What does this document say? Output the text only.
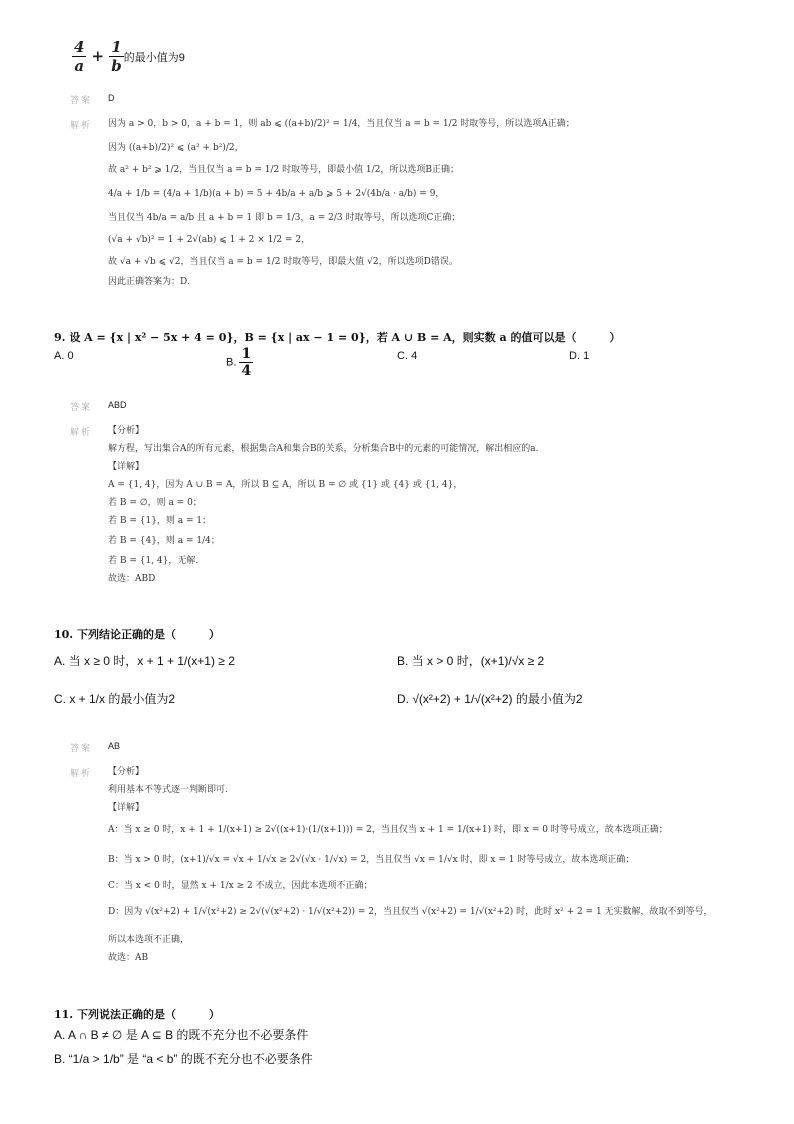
$\frac{4}{a} + \frac{1}{b}$ 的最小值为9
答案 D
解析 因为 a > 0，b > 0，a + b = 1，则 ab ⩽ ((a+b)/2)² = 1/4，当且仅当 a = b = 1/2 时取等号，所以选项A正确；
因为 ((a+b)/2)² ⩽ (a² + b²)/2，
故 a² + b² ⩾ 1/2，当且仅当 a = b = 1/2 时取等号，即最小值 1/2，所以选项B正确；
4/a + 1/b = (4/a + 1/b)(a + b) = 5 + 4b/a + a/b ⩾ 5 + 2√(4b/a · a/b) = 9，
当且仅当 4b/a = a/b 且 a + b = 1 即 b = 1/3，a = 2/3 时取等号，所以选项C正确；
(√a + √b)² = 1 + 2√(ab) ⩽ 1 + 2 × 1/2 = 2，
故 √a + √b ⩽ √2，当且仅当 a = b = 1/2 时取等号，即最大值 √2，所以选项D错误。
因此正确答案为：D.
9. 设 A = {x | x² − 5x + 4 = 0}，B = {x | ax − 1 = 0}，若 A ∪ B = A，则实数 a 的值可以是（　　　）
A. 0
B. $\frac{1}{4}$	C. 4	D. 1
答案 ABD
解析 【分析】
解方程，写出集合A的所有元素，根据集合A和集合B的关系，分析集合B中的元素的可能情况，解出相应的a.
【详解】
A = {1, 4}，因为 A ∪ B = A，所以 B ⊆ A，所以 B = ∅ 或 {1} 或 {4} 或 {1, 4}，
若 B = ∅，则 a = 0；
若 B = {1}，则 a = 1；
若 B = {4}，则 a = 1/4；
若 B = {1, 4}，无解.
故选：ABD
10. 下列结论正确的是（　　　）
A. 当 x ≥ 0 时，x + 1 + 1/(x+1) ≥ 2	B. 当 x > 0 时，(x+1)/√x ≥ 2
C. x + 1/x 的最小值为2	D. √(x²+2) + 1/√(x²+2) 的最小值为2
答案 AB
解析 【分析】
利用基本不等式逐一判断即可.
【详解】
A：当 x ≥ 0 时，x + 1 + 1/(x+1) ≥ 2√((x+1)·(1/(x+1))) = 2，当且仅当 x + 1 = 1/(x+1) 时，即 x = 0 时等号成立，故本选项正确；
B：当 x > 0 时，(x+1)/√x = √x + 1/√x ≥ 2√(√x · 1/√x) = 2，当且仅当 √x = 1/√x 时，即 x = 1 时等号成立，故本选项正确；
C：当 x < 0 时，显然 x + 1/x ≥ 2 不成立，因此本选项不正确；
D：因为 √(x²+2) + 1/√(x²+2) ≥ 2√(√(x²+2) · 1/√(x²+2)) = 2，当且仅当 √(x²+2) = 1/√(x²+2) 时，此时 x² + 2 = 1 无实数解，故取不到等号，
所以本选项不正确，
故选：AB
11. 下列说法正确的是（　　　）
A. A ∩ B ≠ ∅ 是 A ⊆ B 的既不充分也不必要条件
B. “1/a > 1/b” 是 “a < b” 的既不充分也不必要条件
